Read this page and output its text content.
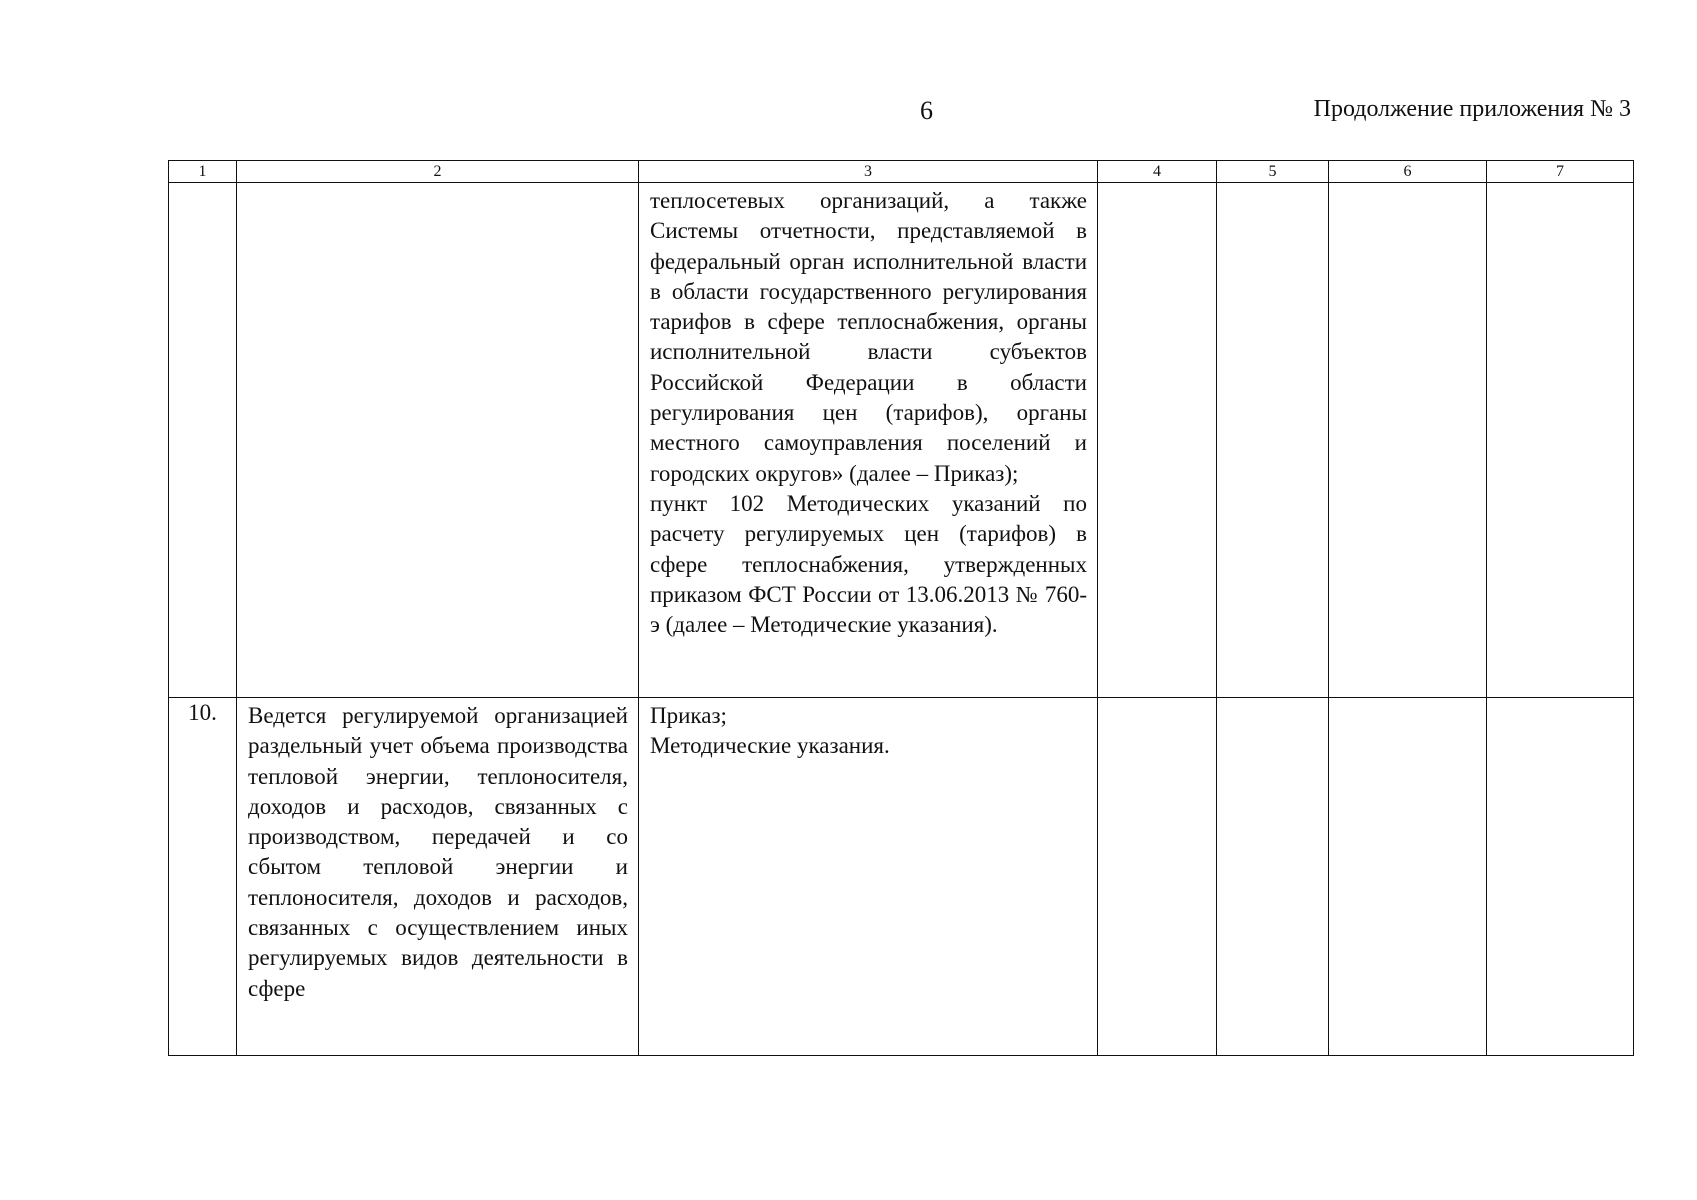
6	Продолжение приложения № 3
1	2	3	4	5	6	7

		теплосетевых организаций, а также Системы отчетности, представляемой в федеральный орган исполнительной власти в области государственного регулирования тарифов в сфере теплоснабжения, органы исполнительной власти субъектов Российской Федерации в области регулирования цен (тарифов), органы местного самоуправления поселений и городских округов» (далее – Приказ);

пункт 102 Методических указаний по расчету регулируемых цен (тарифов) в сфере теплоснабжения, утвержденных приказом ФСТ России от 13.06.2013 № 760-э (далее – Методические указания).				

10.	Ведется регулируемой организацией раздельный учет объема производства тепловой энергии, теплоносителя, доходов и расходов, связанных с производством, передачей и со сбытом тепловой энергии и теплоносителя, доходов и расходов, связанных с осуществлением иных регулируемых видов деятельности в сфере	Приказ;

Методические указания.				
